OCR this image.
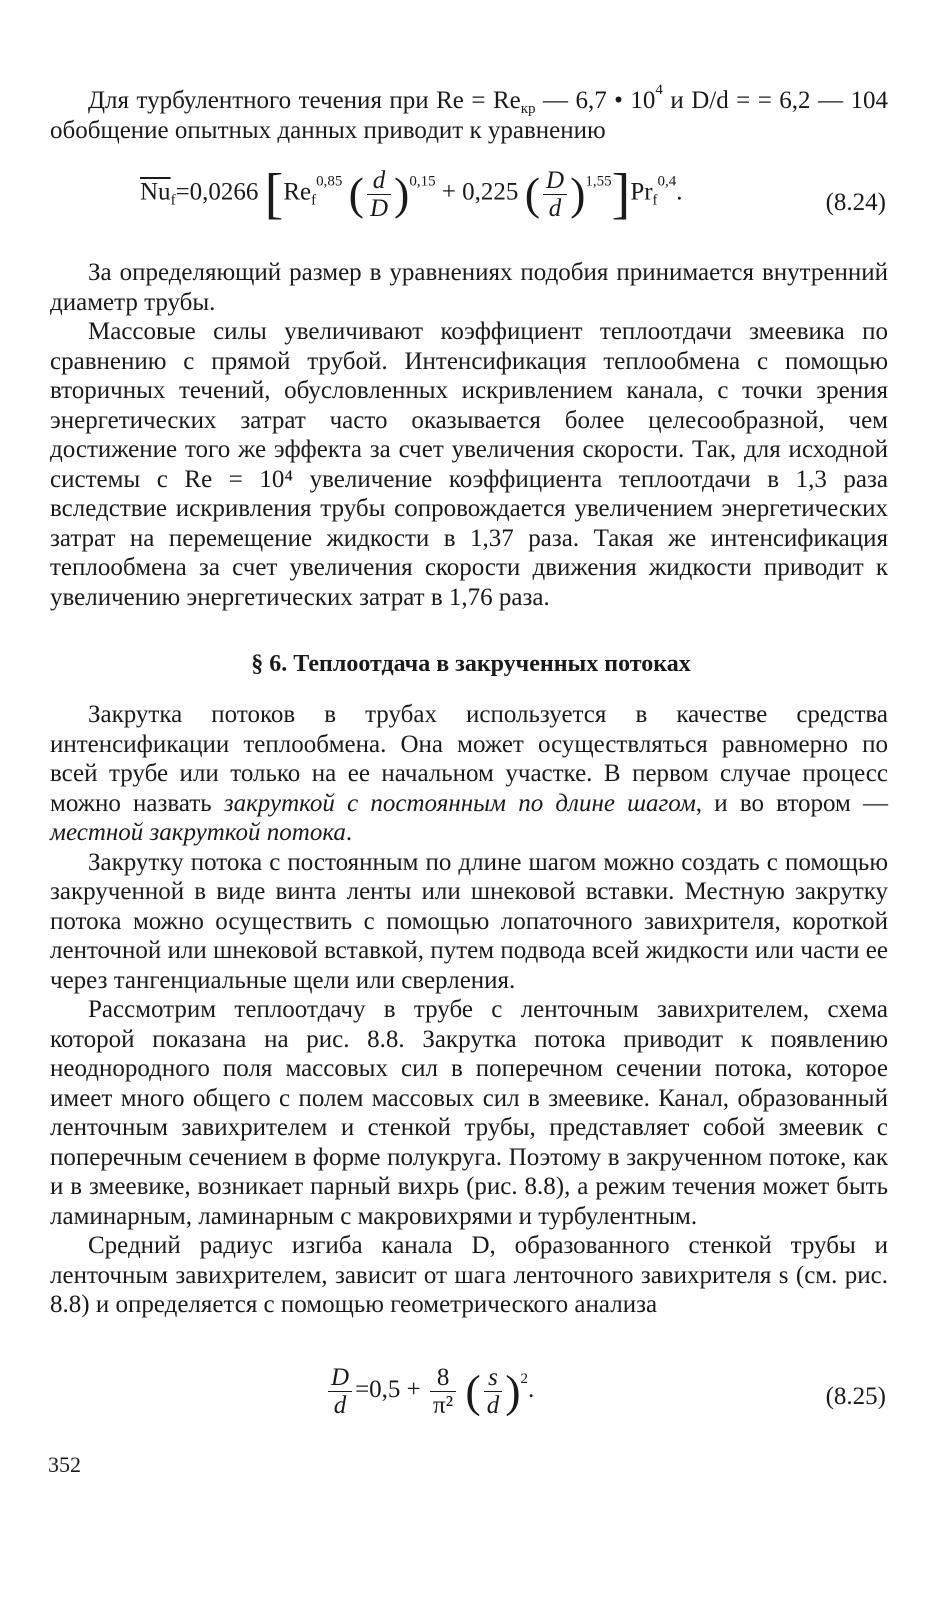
Для турбулентного течения при $Re = Re_{кр}$ — 6,7 • $10^4$ и D/d = = 6,2 — 104 обобщение опытных данных приводит к уравнению

$\overline{Nu}_f=0,0266$ [$Re_f^{0,85}$ ( $\frac{d}{D} )^{0,15} + 0,225$ ( $\frac{D}{d} )^{1,55}]Pr_f^{0,4}$.	(8.24)

За определяющий размер в уравнениях подобия принимается внутренний диаметр трубы.

Массовые силы увеличивают коэффициент теплоотдачи змеевика по сравнению с прямой трубой. Интенсификация теплообмена с помощью вторичных течений, обусловленных искривлением канала, с точки зрения энергетических затрат часто оказывается более целесообразной, чем достижение того же эффекта за счет увеличения скорости. Так, для исходной системы с Re = 10⁴ увеличение коэффициента теплоотдачи в 1,3 раза вследствие искривления трубы сопровождается увеличением энергетических затрат на перемещение жидкости в 1,37 раза. Такая же интенсификация теплообмена за счет увеличения скорости движения жидкости приводит к увеличению энергетических затрат в 1,76 раза.

§ 6. Теплоотдача в закрученных потоках

Закрутка потоков в трубах используется в качестве средства интенсификации теплообмена. Она может осуществляться равномерно по всей трубе или только на ее начальном участке. В первом случае процесс можно назвать закруткой с постоянным по длине шагом, и во втором — местной закруткой потока.

Закрутку потока с постоянным по длине шагом можно создать с помощью закрученной в виде винта ленты или шнековой вставки. Местную закрутку потока можно осуществить с помощью лопаточного завихрителя, короткой ленточной или шнековой вставкой, путем подвода всей жидкости или части ее через тангенциальные щели или сверления.

Рассмотрим теплоотдачу в трубе с ленточным завихрителем, схема которой показана на рис. 8.8. Закрутка потока приводит к появлению неоднородного поля массовых сил в поперечном сечении потока, которое имеет много общего с полем массовых сил в змеевике. Канал, образованный ленточным завихрителем и стенкой трубы, представляет собой змеевик с поперечным сечением в форме полукруга. Поэтому в закрученном потоке, как и в змеевике, возникает парный вихрь (рис. 8.8), а режим течения может быть ламинарным, ламинарным с макровихрями и турбулентным.

Средний радиус изгиба канала D, образованного стенкой трубы и ленточным завихрителем, зависит от шага ленточного завихрителя s (см. рис. 8.8) и определяется с помощью геометрического анализа

$\frac{D}{d} =0,5 + \frac{8}{\text{π²}}$ ( $\frac{s}{d} )^2$.	(8.25)
352
